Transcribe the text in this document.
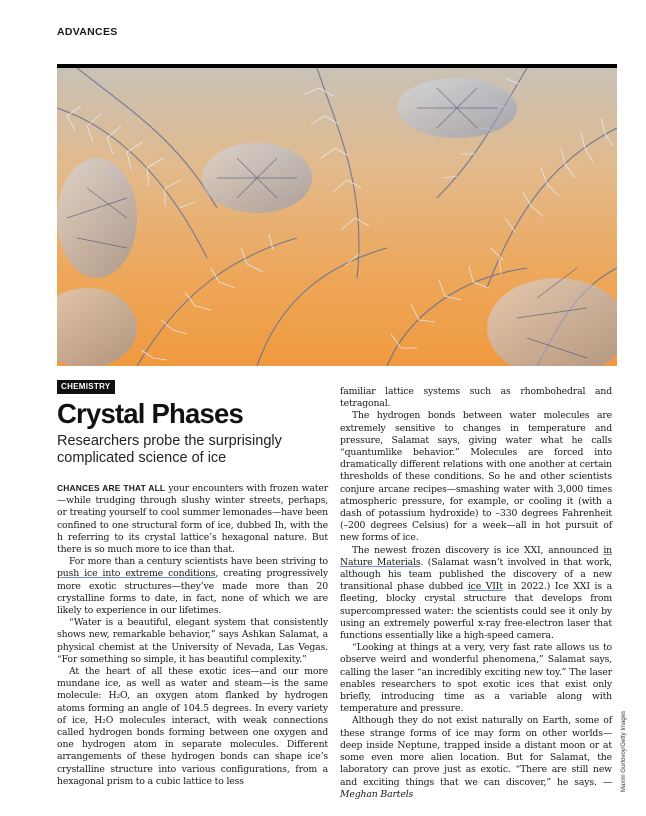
ADVANCES
Maxim Gurtovoy/Getty Images
CHEMISTRY
Crystal Phases

Researchers probe the surprisingly complicated science of ice

CHANCES ARE THAT ALL your encounters with frozen water—while trudging through slushy winter streets, perhaps, or treating yourself to cool summer lemonades—have been confined to one structural form of ice, dubbed Ih, with the h referring to its crystal lattice’s hexagonal nature. But there is so much more to ice than that.

For more than a century scientists have been striving to push ice into extreme conditions, creating progressively more exotic structures—they’ve made more than 20 crystalline forms to date, in fact, none of which we are likely to experience in our lifetimes.

“Water is a beautiful, elegant system that consistently shows new, remarkable behavior,” says Ashkan Salamat, a physical chemist at the University of Nevada, Las Vegas. “For something so simple, it has beautiful complexity.”

At the heart of all these exotic ices—and our more mundane ice, as well as water and steam—is the same molecule: H₂O, an oxygen atom flanked by hydrogen atoms forming an angle of 104.5 degrees. In every variety of ice, H₂O molecules interact, with weak connections called hydrogen bonds forming between one oxygen and one hydrogen atom in separate molecules. Different arrangements of these hydrogen bonds can shape ice’s crystalline structure into various configurations, from a hexagonal prism to a cubic lattice to less

familiar lattice systems such as rhombohedral and tetragonal.

The hydrogen bonds between water molecules are extremely sensitive to changes in temperature and pressure, Salamat says, giving water what he calls “quantumlike behavior.” Molecules are forced into dramatically different relations with one another at certain thresholds of these conditions. So he and other scientists conjure arcane recipes—smashing water with 3,000 times atmospheric pressure, for example, or cooling it (with a dash of potassium hydroxide) to –330 degrees Fahrenheit (–200 degrees Celsius) for a week—all in hot pursuit of new forms of ice.

The newest frozen discovery is ice XXI, announced in Nature Materials. (Salamat wasn’t involved in that work, although his team published the discovery of a new transitional phase dubbed ice VIIt in 2022.) Ice XXI is a fleeting, blocky crystal structure that develops from supercompressed water: the scientists could see it only by using an extremely powerful x-ray free-electron laser that functions essentially like a high-speed camera.

“Looking at things at a very, very fast rate allows us to observe weird and wonderful phenomena,” Salamat says, calling the laser “an incredibly exciting new toy.” The laser enables researchers to spot exotic ices that exist only briefly, introducing time as a variable along with temperature and pressure.

Although they do not exist naturally on Earth, some of these strange forms of ice may form on other worlds—deep inside Neptune, trapped inside a distant moon or at some even more alien location. But for Salamat, the laboratory can prove just as exotic. “There are still new and exciting things that we can discover,” he says. —Meghan Bartels
